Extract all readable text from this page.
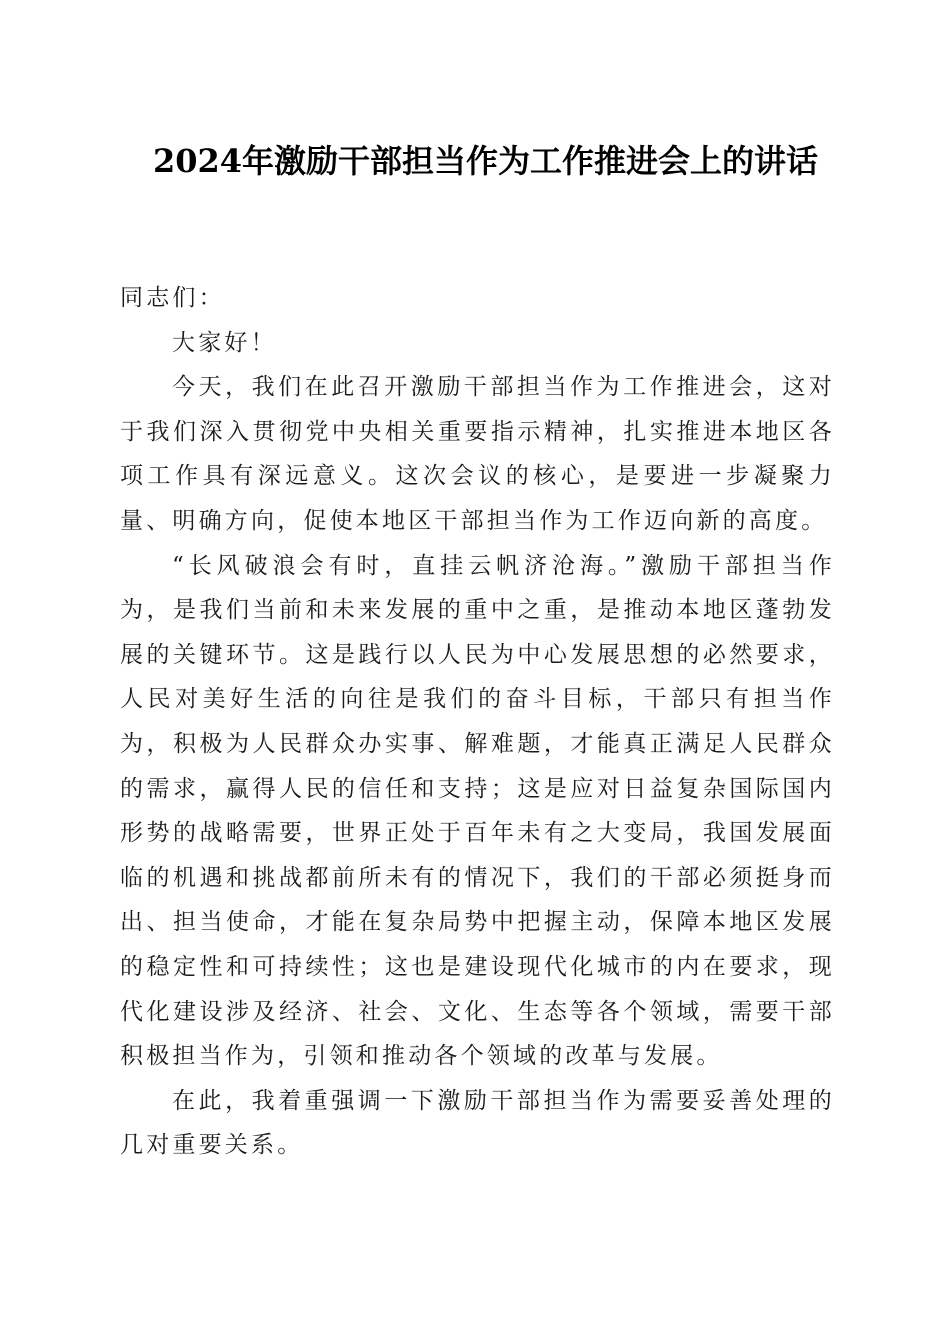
2024年激励干部担当作为工作推进会上的讲话

同志们：

大家好！

今天，我们在此召开激励干部担当作为工作推进会，这对于我们深入贯彻党中央相关重要指示精神，扎实推进本地区各项工作具有深远意义。这次会议的核心，是要进一步凝聚力量、明确方向，促使本地区干部担当作为工作迈向新的高度。

“长风破浪会有时，直挂云帆济沧海。”激励干部担当作为，是我们当前和未来发展的重中之重，是推动本地区蓬勃发展的关键环节。这是践行以人民为中心发展思想的必然要求，人民对美好生活的向往是我们的奋斗目标，干部只有担当作为，积极为人民群众办实事、解难题，才能真正满足人民群众的需求，赢得人民的信任和支持；这是应对日益复杂国际国内形势的战略需要，世界正处于百年未有之大变局，我国发展面临的机遇和挑战都前所未有的情况下，我们的干部必须挺身而出、担当使命，才能在复杂局势中把握主动，保障本地区发展的稳定性和可持续性；这也是建设现代化城市的内在要求，现代化建设涉及经济、社会、文化、生态等各个领域，需要干部积极担当作为，引领和推动各个领域的改革与发展。

在此，我着重强调一下激励干部担当作为需要妥善处理的几对重要关系。
